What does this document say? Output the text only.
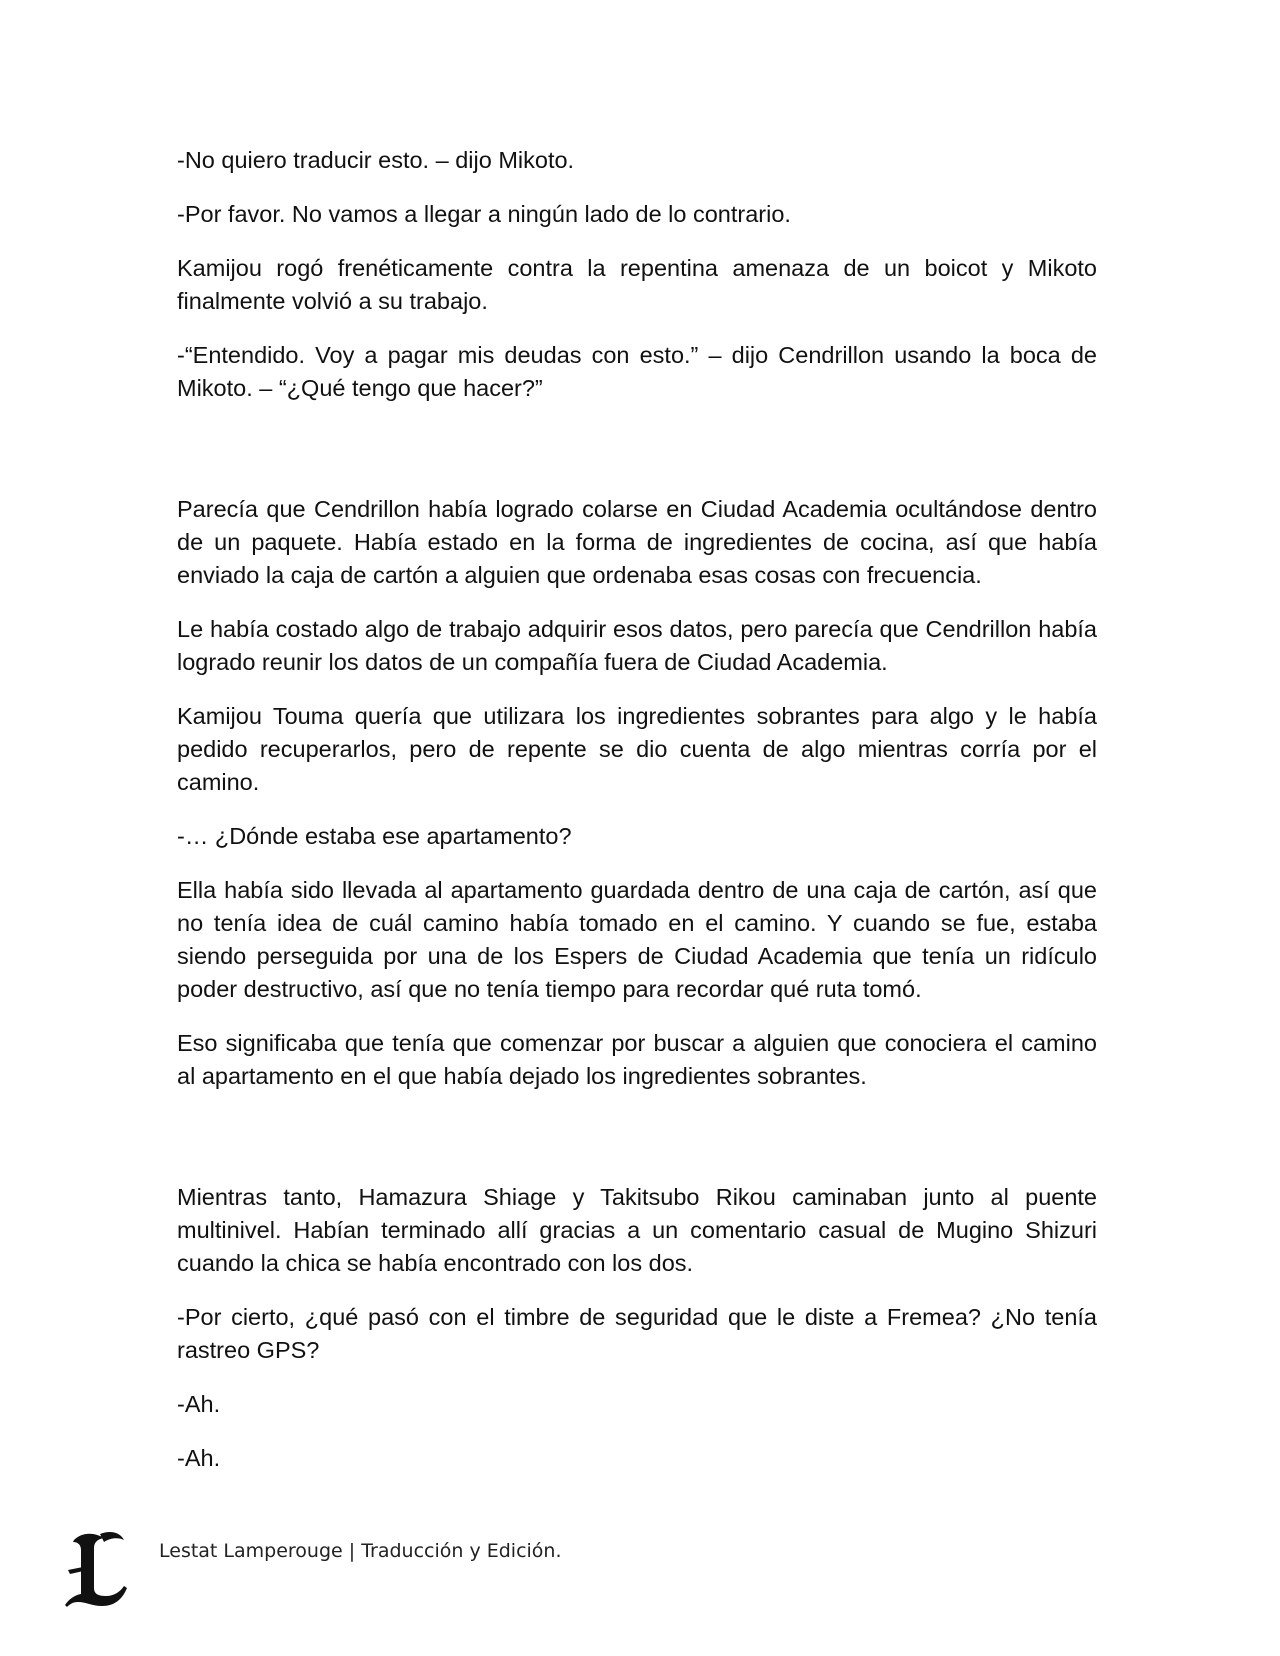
-No quiero traducir esto. – dijo Mikoto.

-Por favor. No vamos a llegar a ningún lado de lo contrario.

Kamijou rogó frenéticamente contra la repentina amenaza de un boicot y Mikoto finalmente volvió a su trabajo.

-“Entendido. Voy a pagar mis deudas con esto.” – dijo Cendrillon usando la boca de Mikoto. – “¿Qué tengo que hacer?”

Parecía que Cendrillon había logrado colarse en Ciudad Academia ocultándose dentro de un paquete. Había estado en la forma de ingredientes de cocina, así que había enviado la caja de cartón a alguien que ordenaba esas cosas con frecuencia.

Le había costado algo de trabajo adquirir esos datos, pero parecía que Cendrillon había logrado reunir los datos de un compañía fuera de Ciudad Academia.

Kamijou Touma quería que utilizara los ingredientes sobrantes para algo y le había pedido recuperarlos, pero de repente se dio cuenta de algo mientras corría por el camino.

-… ¿Dónde estaba ese apartamento?

Ella había sido llevada al apartamento guardada dentro de una caja de cartón, así que no tenía idea de cuál camino había tomado en el camino. Y cuando se fue, estaba siendo perseguida por una de los Espers de Ciudad Academia que tenía un ridículo poder destructivo, así que no tenía tiempo para recordar qué ruta tomó.

Eso significaba que tenía que comenzar por buscar a alguien que conociera el camino al apartamento en el que había dejado los ingredientes sobrantes.

Mientras tanto, Hamazura Shiage y Takitsubo Rikou caminaban junto al puente multinivel. Habían terminado allí gracias a un comentario casual de Mugino Shizuri cuando la chica se había encontrado con los dos.

-Por cierto, ¿qué pasó con el timbre de seguridad que le diste a Fremea? ¿No tenía rastreo GPS?

-Ah.

-Ah.

Lestat Lamperouge | Traducción y Edición.
